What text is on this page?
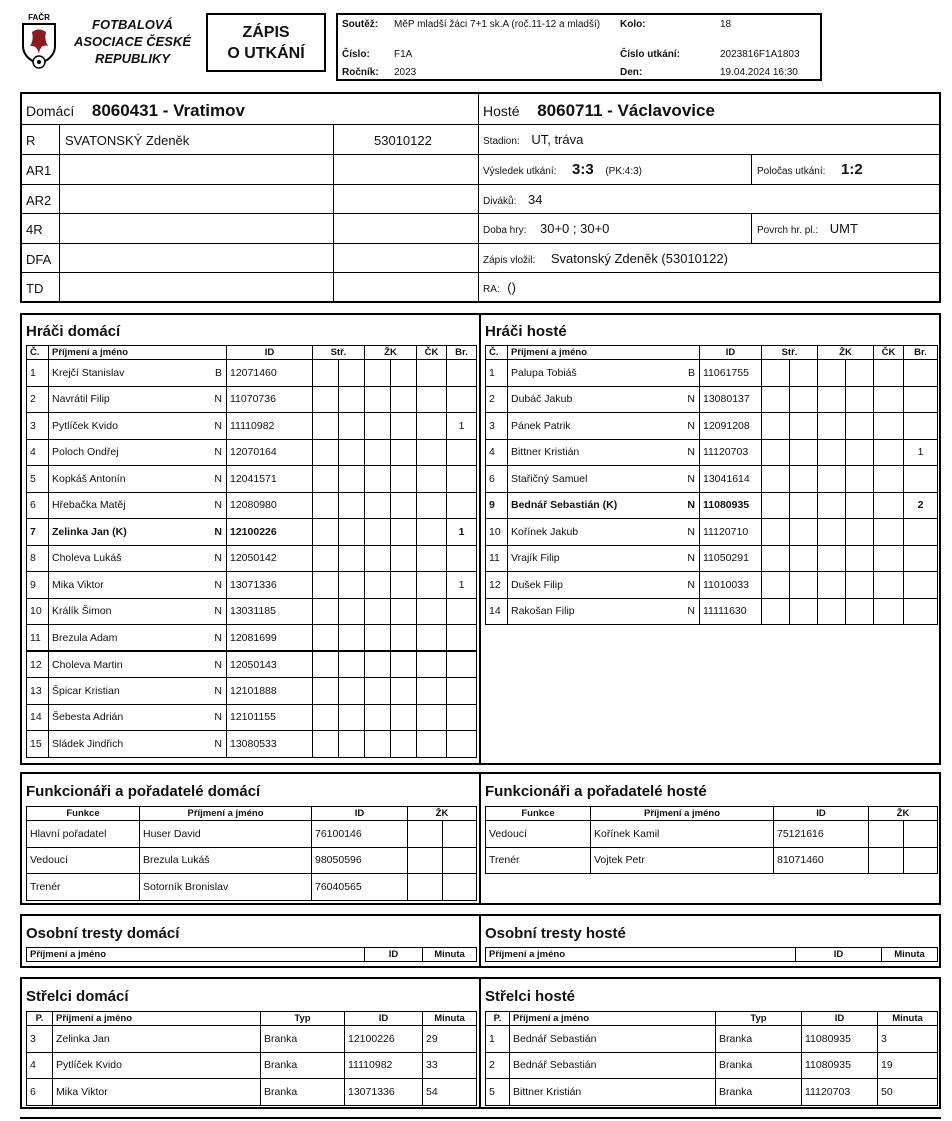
FAČR	FOTBALOVÁ
ASOCIACE ČESKÉ
REPUBLIKY
ZÁPIS
O UTKÁNÍ
Soutěž: MěP mladší žáci 7+1 sk.A (roč.11-12 a mladší)
Číslo: F1A
Ročník: 2023
Kolo:	18
Číslo utkání:	2023816F1A1803
Den:	19.04.2024 16:30
Domácí 8060431 - Vratimov	Hosté 8060711 - Václavovice
R	SVATONSKÝ Zdeněk	53010122
AR1
AR2
4R
DFA
TD
Stadion: UT, tráva
Výsledek utkání: 3:3 (PK:4:3)	Poločas utkání: 1:2
Diváků: 34
Doba hry: 30+0 ; 30+0	Povrch hr. pl.: UMT
Zápis vložil: Svatonský Zdeněk (53010122)
RA: ()
Hráči domácí	Hráči hosté
Č.	Příjmení a jméno	ID	Stř.		ŽK		ČK	Br.
1	Krejčí Stanislav B	12071460						
2	Navrátil Filip N	11070736						
3	Pytlíček Kvido N	11110982						1
4	Poloch Ondřej N	12070164						
5	Kopkáš Antonín N	12041571						
6	Hřebačka Matěj N	12080980						
7	Zelinka Jan (K) N	12100226						1
8	Choleva Lukáš N	12050142						
9	Mika Viktor N	13071336						1
10	Králík Šimon N	13031185						
11	Brezula Adam N	12081699						
12	Choleva Martin N	12050143						
13	Špicar Kristian N	12101888						
14	Šebesta Adrián N	12101155						
15	Sládek Jindřich N	13080533						
Č.	Příjmení a jméno	ID	Stř.		ŽK		ČK	Br.
1	Palupa Tobiáš B	11061755						
2	Dubáč Jakub N	13080137						
3	Pánek Patrik N	12091208						
4	Bittner Kristián N	11120703						1
6	Stařičný Samuel N	13041614						
9	Bednář Sebastián (K) N	11080935						2
10	Kořínek Jakub N	11120710						
11	Vrajík Filip N	11050291						
12	Dušek Filip N	11010033						
14	Rakošan Filip N	11111630						
Funkcionáři a pořadatelé domácí	Funkcionáři a pořadatelé hosté
Funkce	Příjmení a jméno	ID	ŽK	
Hlavní pořadatel	Huser David	76100146		
Vedoucí	Brezula Lukáš	98050596		
Trenér	Sotorník Bronislav	76040565		
Funkce	Příjmení a jméno	ID	ŽK	
Vedoucí	Kořínek Kamil	75121616		
Trenér	Vojtek Petr	81071460		
Osobní tresty domácí	Osobní tresty hosté
Příjmení a jméno	ID	Minuta	Příjmení a jméno	ID	Minuta
Střelci domácí	Střelci hosté
P.	Příjmení a jméno	Typ	ID	Minuta
3	Zelinka Jan	Branka	12100226	29
4	Pytlíček Kvido	Branka	11110982	33
6	Mika Viktor	Branka	13071336	54
P.	Příjmení a jméno	Typ	ID	Minuta
1	Bednář Sebastián	Branka	11080935	3
2	Bednář Sebastián	Branka	11080935	19
5	Bittner Kristián	Branka	11120703	50
